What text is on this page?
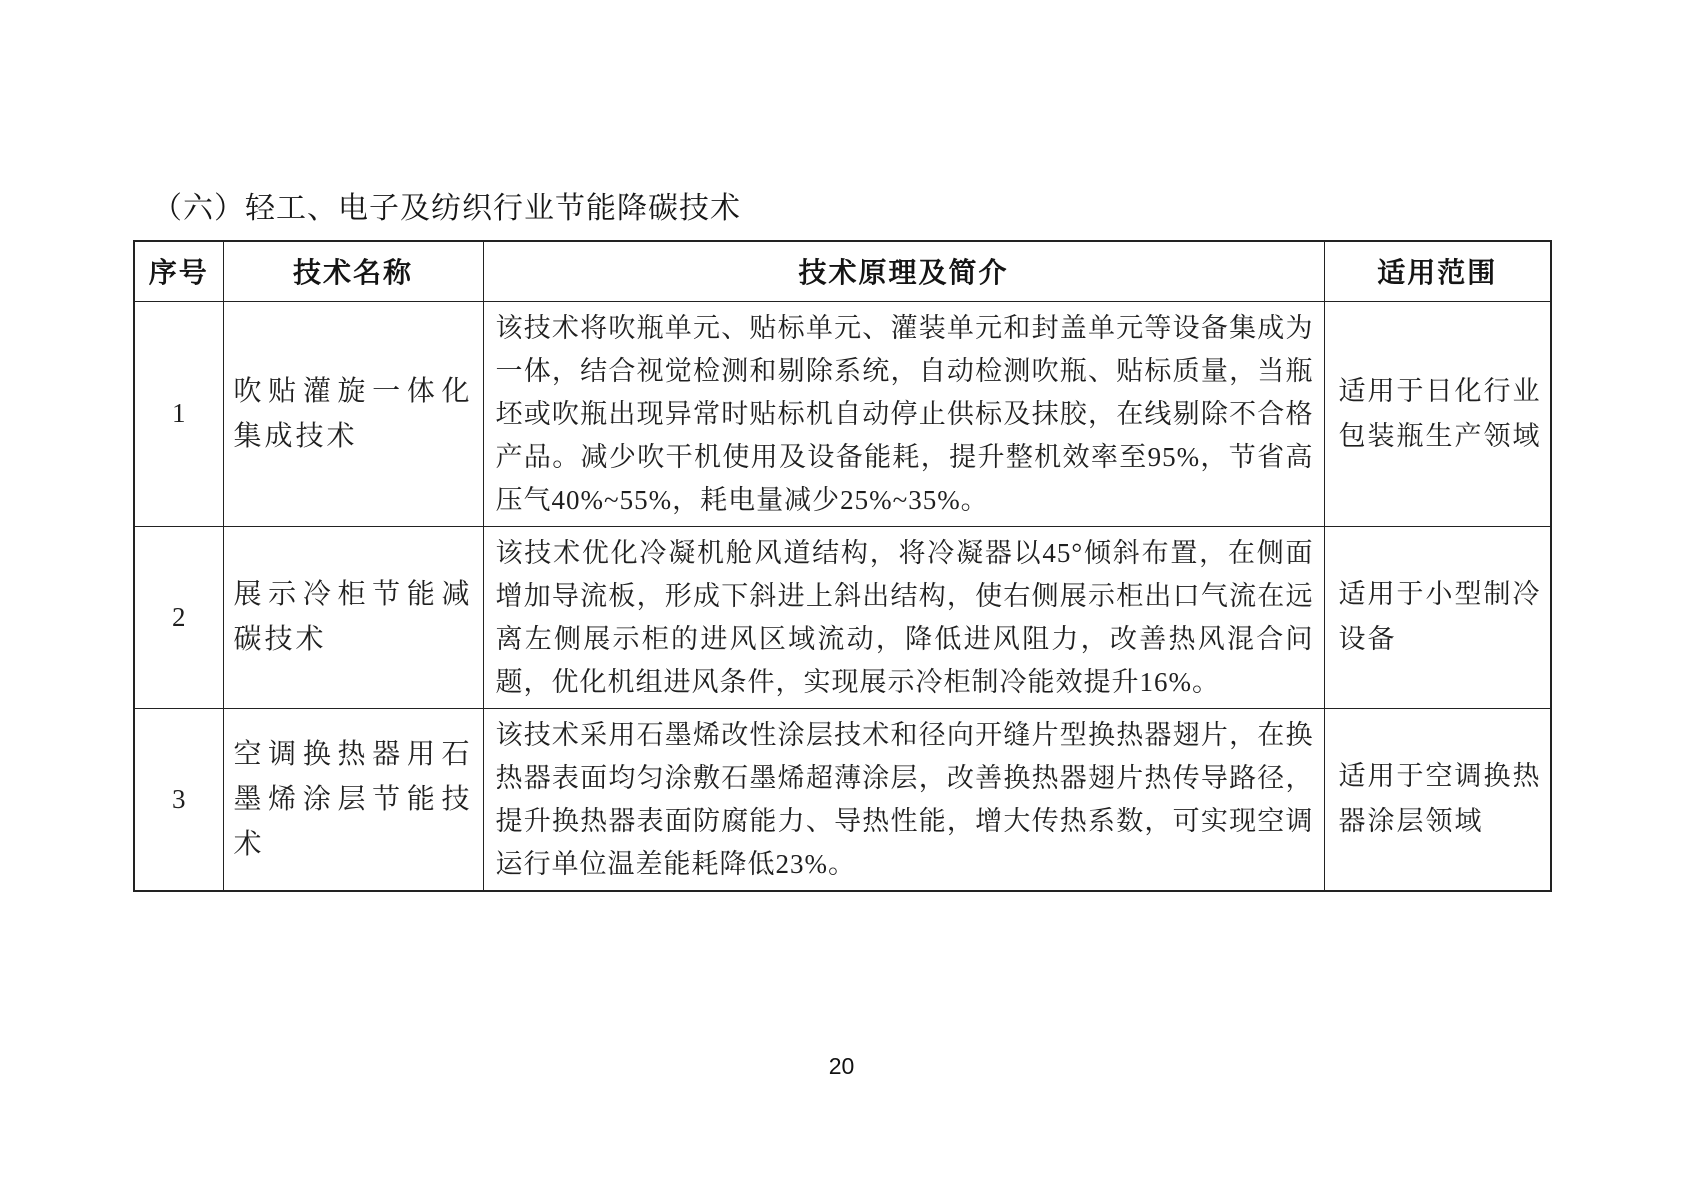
（六）轻工、电子及纺织行业节能降碳技术
序号	技术名称	技术原理及简介	适用范围
1	吹贴灌旋一体化集成技术	该技术将吹瓶单元、贴标单元、灌装单元和封盖单元等设备集成为一体，结合视觉检测和剔除系统，自动检测吹瓶、贴标质量，当瓶坯或吹瓶出现异常时贴标机自动停止供标及抹胶，在线剔除不合格产品。减少吹干机使用及设备能耗，提升整机效率至95%，节省高压气40%~55%，耗电量减少25%~35%。	适用于日化行业包装瓶生产领域
2	展示冷柜节能减碳技术	该技术优化冷凝机舱风道结构，将冷凝器以45°倾斜布置，在侧面增加导流板，形成下斜进上斜出结构，使右侧展示柜出口气流在远离左侧展示柜的进风区域流动，降低进风阻力，改善热风混合问题，优化机组进风条件，实现展示冷柜制冷能效提升16%。	适用于小型制冷设备
3	空调换热器用石墨烯涂层节能技术	该技术采用石墨烯改性涂层技术和径向开缝片型换热器翅片，在换热器表面均匀涂敷石墨烯超薄涂层，改善换热器翅片热传导路径，提升换热器表面防腐能力、导热性能，增大传热系数，可实现空调运行单位温差能耗降低23%。	适用于空调换热器涂层领域
20
